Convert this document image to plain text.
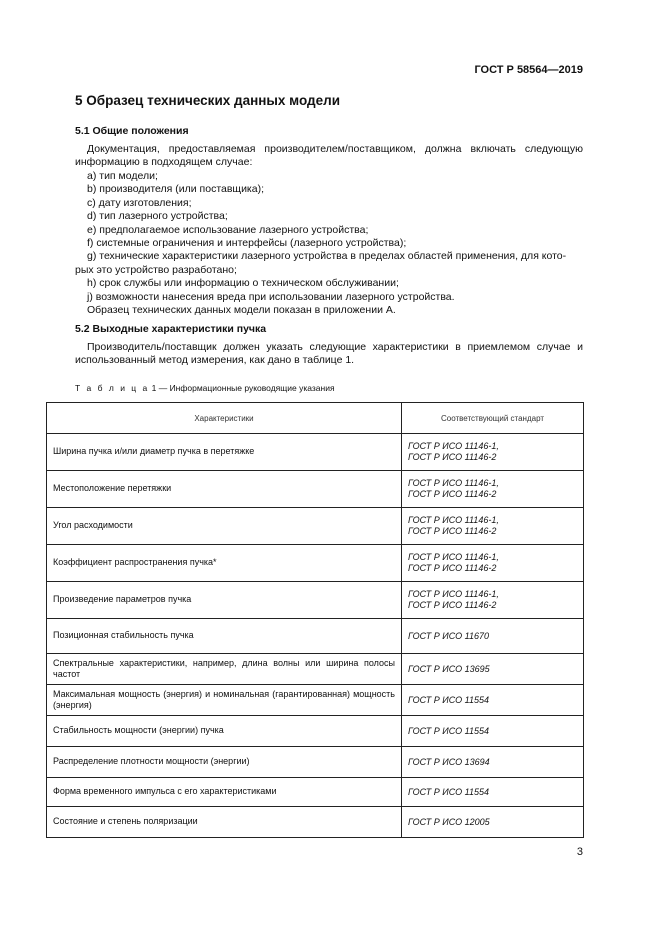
ГОСТ Р 58564—2019
5 Образец технических данных модели
5.1 Общие положения
Документация, предоставляемая производителем/поставщиком, должна включать следующую информацию в подходящем случае:
a) тип модели;
b) производителя (или поставщика);
c) дату изготовления;
d) тип лазерного устройства;
e) предполагаемое использование лазерного устройства;
f) системные ограничения и интерфейсы (лазерного устройства);
g) технические характеристики лазерного устройства в пределах областей применения, для кото-
рых это устройство разработано;
h) срок службы или информацию о техническом обслуживании;
j) возможности нанесения вреда при использовании лазерного устройства.
Образец технических данных модели показан в приложении А.
5.2 Выходные характеристики пучка
Производитель/поставщик должен указать следующие характеристики в приемлемом случае и использованный метод измерения, как дано в таблице 1.
Т а б л и ц а 1 — Информационные руководящие указания
Характеристики	Соответствующий стандарт
Ширина пучка и/или диаметр пучка в перетяжке	ГОСТ Р ИСО 11146-1,
ГОСТ Р ИСО 11146-2
Местоположение перетяжки	ГОСТ Р ИСО 11146-1,
ГОСТ Р ИСО 11146-2
Угол расходимости	ГОСТ Р ИСО 11146-1,
ГОСТ Р ИСО 11146-2
Коэффициент распространения пучка*	ГОСТ Р ИСО 11146-1,
ГОСТ Р ИСО 11146-2
Произведение параметров пучка	ГОСТ Р ИСО 11146-1,
ГОСТ Р ИСО 11146-2
Позиционная стабильность пучка	ГОСТ Р ИСО 11670
Спектральные характеристики, например, длина волны или ширина полосы частот	ГОСТ Р ИСО 13695
Максимальная мощность (энергия) и номинальная (гарантированная) мощность (энергия)	ГОСТ Р ИСО 11554
Стабильность мощности (энергии) пучка	ГОСТ Р ИСО 11554
Распределение плотности мощности (энергии)	ГОСТ Р ИСО 13694
Форма временного импульса с его характеристиками	ГОСТ Р ИСО 11554
Состояние и степень поляризации	ГОСТ Р ИСО 12005
3
